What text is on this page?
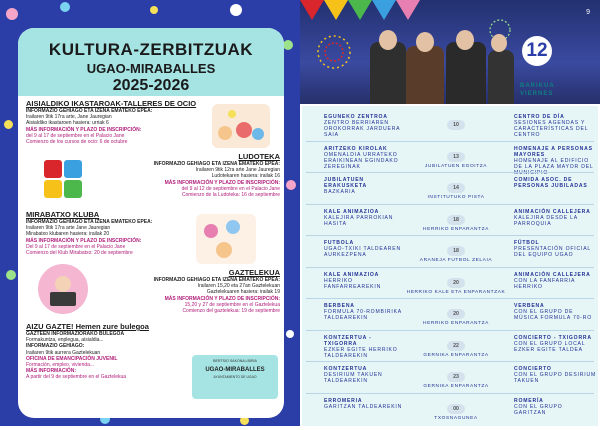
KULTURA-ZERBITZUAK
UGAO-MIRABALLES
2025-2026
AISIALDIKO IKASTAROAK-TALLERES DE OCIO
INFORMAZIO GEHIAGO ETA IZENA EMATEKO EPEA:
Irailaren 9tik 17ra arte, Jane Jauregian
Aisialdiko ikastaroen hasiera: urriak 6
MÁS INFORMACIÓN Y PLAZO DE INSCRIPCIÓN:
del 9 al 17 de septiembre en el Palacio Jane
Comienzo de los cursos de ocio: 6 de octubre
LUDOTEKA
INFORMAZIO GEHIAGO ETA IZENA EMATEKO EPEA:
Irailaren 9tik 12ra arte Jane Jauregian
Ludotekaren hasiera: irailak 16
MÁS INFORMACIÓN Y PLAZO DE INSCRIPCIÓN:
del 9 al 12 de septiembre en el Palacio Jane
Comienzo de la Ludoteka: 16 de septiembre
MIRABATXO KLUBA
INFORMAZIO GEHIAGO ETA IZENA EMATEKO EPEA:
Irailaren 9tik 17ra arte Jane Jauregian
Mirabatxo klubaren hasiera: irailak 20
MÁS INFORMACIÓN Y PLAZO DE INSCRIPCIÓN:
Del 9 al 17 de septiembre en el Palacio Jane
Comienzo del Klub Mirabatxo: 20 de septiembre
GAZTELEKUA
INFORMAZIO GEHIAGO ETA IZENA EMATEKO EPEA:
Irailaren 15,20 eta 27an Gaztelekuan
Gaztelekuaren hasiera: irailak 19
MÁS INFORMACIÓN Y PLAZO DE INSCRIPCIÓN:
15,20 y 27 de septiembre en el Gaztelekua
Comienzo del gaztelekua: 19 de septiembre
AIZU GAZTE! Hemen zure bulegoa
GAZTEEN INFORMAZIORAKO BULEGOA
Formakuntza, enplegua, aisialdia...
INFORMAZIO GEHIAGO:
Irailaren 9tik aurrera Gaztelekuan
OFICINA DE EMANCIPACIÓN JUVENIL
Formación, empleo, vivienda...
MÁS INFORMACIÓN:
A partir del 9 de septiembre en el Gaztelekua
BERTSIO SAKONA LIBRIA
UGAO-MIRABALLES
AYUNTAMIENTO DE UGAO
9
12
BARIKUA
VIERNES
EGUNEKO ZENTROA
ZENTRO BERRIAREN OROKORRAK JARDUERA SAIA
10
CENTRO DE DÍA
SESIONES AGENDAS Y CARACTERÍSTICAS DEL CENTRO
ARITZEKO KIROLAK
OMENALDIA URRATEKO ERAIKINEAN EGINDAKO ZEREGINAK
13
JUBILATUEN EGOITZA
HOMENAJE A PERSONAS MAYORES
HOMENAJE AL EDIFICIO DE LA PLAZA MAYOR DEL
JUBILATUEN ERAKUSKETA
BAZKARIA
14
INSTITUTUKO PISTA
COMIDA ASOC. DE PERSONAS JUBILADAS
KALE ANIMAZIOA
KALEJIRA PARROKIAN HASITA
18
HERRIKO ENPARANTZA
ANIMACIÓN CALLEJERA
KALEJIRA DESDE LA PARROQUIA
FUTBOLA
UGAO-TXIKI TALDEAREN AURKEZPENA
18
ARANEJA FUTBOL ZELAIA
FÚTBOL
PRESENTACIÓN OFICIAL DEL EQUIPO UGAO
KALE ANIMAZIOA
HERRIKO FANFARREAREKIN
20
HERRIKO KALE ETA ENPARANTZAK
ANIMACIÓN CALLEJERA
CON LA FANFARRIA HERRIKO
BERBENA
FORMULA 70-ROMBIRIKA TALDEAREKIN
20
HERRIKO ENPARANTZA
VERBENA
CON EL GRUPO DE MÚSICA FORMULA 70-RO
KONTZERTUA - TXIGORRA
EZKER EGITE HERRIKO TALDEAREKIN
22
GERNIKA ENPARANTZA
CONCIERTO - TXIGORRA
CON EL GRUPO LOCAL EZKER EGITE TALDEA
KONTZERTUA
DESIRIUM TAKUEN TALDEAREKIN
23
GERNIKA ENPARANTZA
CONCIERTO
CON EL GRUPO DESIRIUM TAKUEN
ERROMERIA
GARITZAN TALDEAREKIN	00
TXOSNAGUNEA
ROMERÍA
CON EL GRUPO GARITZAN
